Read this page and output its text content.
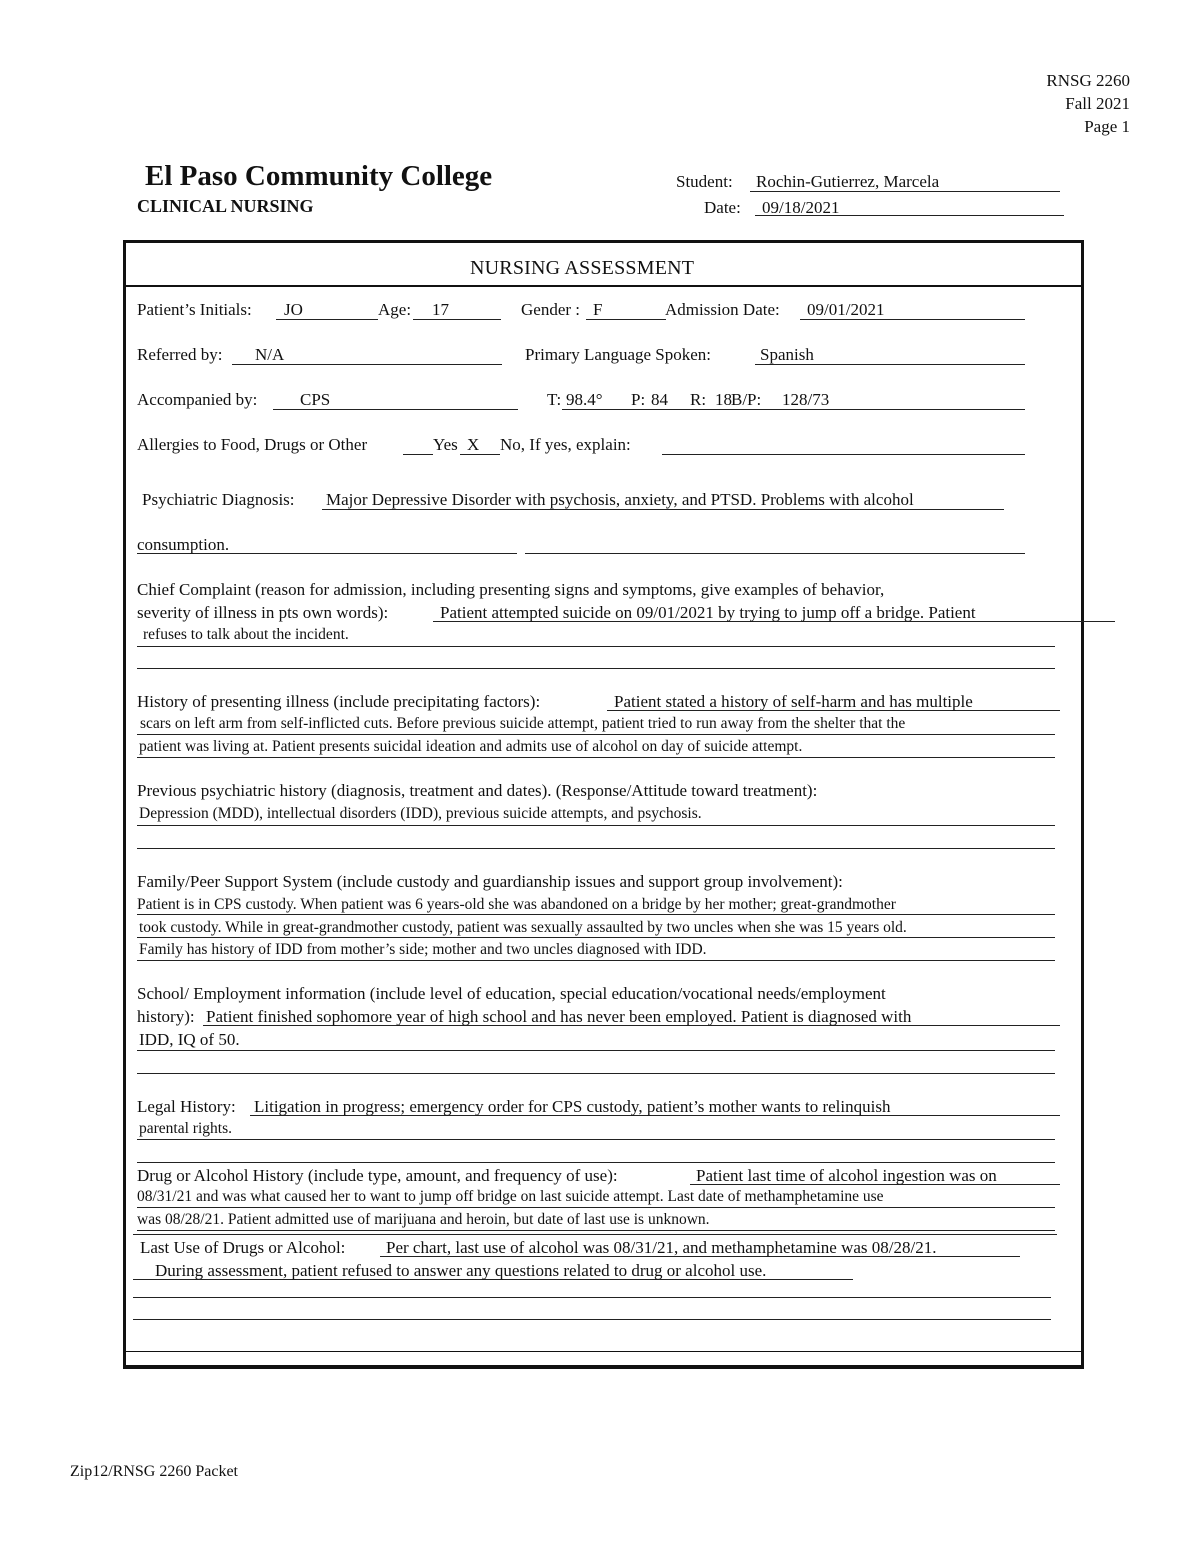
RNSG 2260
Fall 2021
Page 1
El Paso Community College
CLINICAL NURSING
Student: Rochin-Gutierrez, Marcela
Date: 09/18/2021
NURSING ASSESSMENT
Patient’s Initials: JO	Age: 17	Gender : F	Admission Date: 09/01/2021
Referred by: N/A	Primary Language Spoken:	Spanish
Accompanied by:	CPS	T: 98.4° P: 84 R: 18 B/P: 128/73
Allergies to Food, Drugs or Other	Yes X No, If yes, explain:
Psychiatric Diagnosis: Major Depressive Disorder with psychosis, anxiety, and PTSD. Problems with alcohol
consumption.
Chief Complaint (reason for admission, including presenting signs and symptoms, give examples of behavior,
severity of illness in pts own words):	Patient attempted suicide on 09/01/2021 by trying to jump off a bridge. Patient
refuses to talk about the incident.
History of presenting illness (include precipitating factors):	Patient stated a history of self-harm and has multiple
scars on left arm from self-inflicted cuts. Before previous suicide attempt, patient tried to run away from the shelter that the
patient was living at. Patient presents suicidal ideation and admits use of alcohol on day of suicide attempt.
Previous psychiatric history (diagnosis, treatment and dates). (Response/Attitude toward treatment):
Depression (MDD), intellectual disorders (IDD), previous suicide attempts, and psychosis.
Family/Peer Support System (include custody and guardianship issues and support group involvement):
Patient is in CPS custody. When patient was 6 years-old she was abandoned on a bridge by her mother; great-grandmother
took custody. While in great-grandmother custody, patient was sexually assaulted by two uncles when she was 15 years old.
Family has history of IDD from mother’s side; mother and two uncles diagnosed with IDD.
School/ Employment information (include level of education, special education/vocational needs/employment
history): Patient finished sophomore year of high school and has never been employed. Patient is diagnosed with
IDD, IQ of 50.
Legal History: Litigation in progress; emergency order for CPS custody, patient’s mother wants to relinquish
parental rights.
Drug or Alcohol History (include type, amount, and frequency of use):	Patient last time of alcohol ingestion was on
08/31/21 and was what caused her to want to jump off bridge on last suicide attempt. Last date of methamphetamine use
was 08/28/21. Patient admitted use of marijuana and heroin, but date of last use is unknown.
Last Use of Drugs or Alcohol: Per chart, last use of alcohol was 08/31/21, and methamphetamine was 08/28/21.
During assessment, patient refused to answer any questions related to drug or alcohol use.
Zip12/RNSG 2260 Packet
